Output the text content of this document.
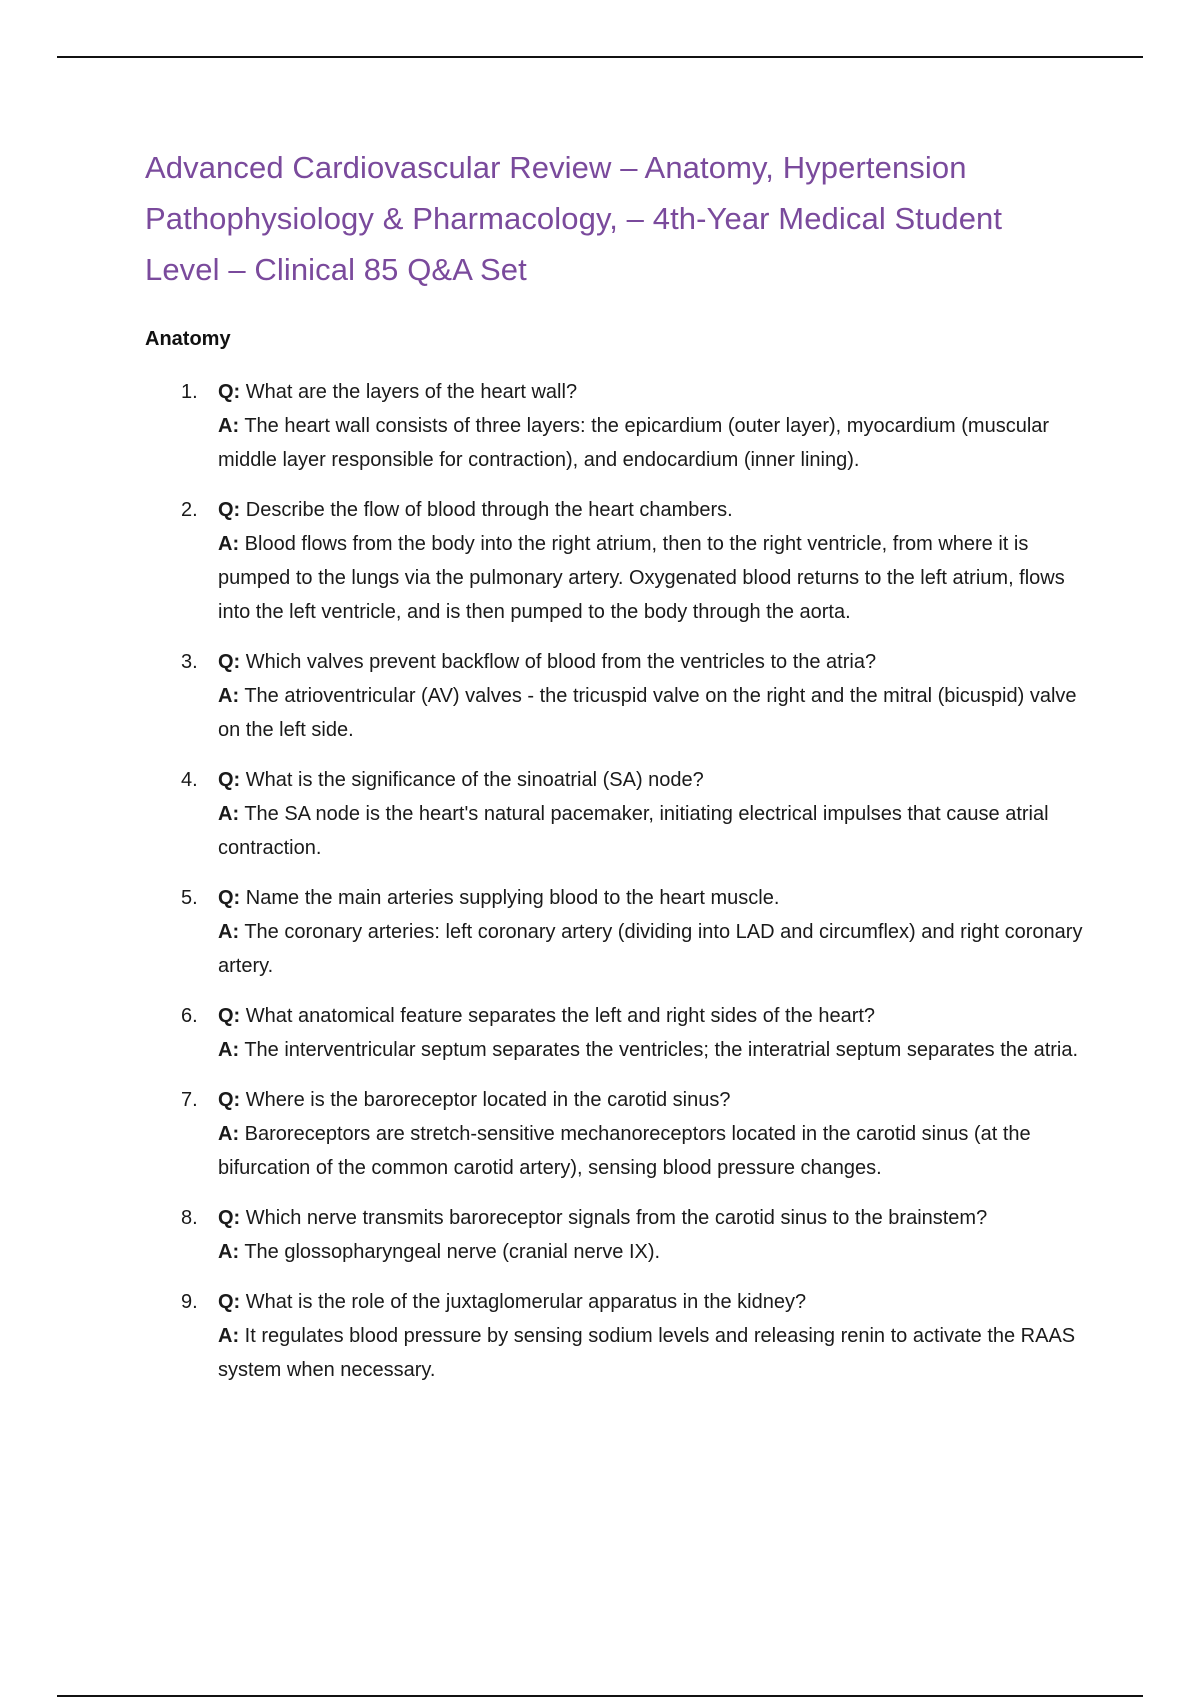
Advanced Cardiovascular Review – Anatomy, Hypertension Pathophysiology & Pharmacology, – 4th-Year Medical Student Level – Clinical 85 Q&A Set
Anatomy
1.	Q: What are the layers of the heart wall?
A: The heart wall consists of three layers: the epicardium (outer layer), myocardium (muscular middle layer responsible for contraction), and endocardium (inner lining).
2.	Q: Describe the flow of blood through the heart chambers.
A: Blood flows from the body into the right atrium, then to the right ventricle, from where it is pumped to the lungs via the pulmonary artery. Oxygenated blood returns to the left atrium, flows into the left ventricle, and is then pumped to the body through the aorta.
3.	Q: Which valves prevent backflow of blood from the ventricles to the atria?
A: The atrioventricular (AV) valves - the tricuspid valve on the right and the mitral (bicuspid) valve on the left side.
4.	Q: What is the significance of the sinoatrial (SA) node?
A: The SA node is the heart's natural pacemaker, initiating electrical impulses that cause atrial contraction.
5.	Q: Name the main arteries supplying blood to the heart muscle.
A: The coronary arteries: left coronary artery (dividing into LAD and circumflex) and right coronary artery.
6.	Q: What anatomical feature separates the left and right sides of the heart?
A: The interventricular septum separates the ventricles; the interatrial septum separates the atria.
7.	Q: Where is the baroreceptor located in the carotid sinus?
A: Baroreceptors are stretch-sensitive mechanoreceptors located in the carotid sinus (at the bifurcation of the common carotid artery), sensing blood pressure changes.
8.	Q: Which nerve transmits baroreceptor signals from the carotid sinus to the brainstem?
A: The glossopharyngeal nerve (cranial nerve IX).
9.	Q: What is the role of the juxtaglomerular apparatus in the kidney?
A: It regulates blood pressure by sensing sodium levels and releasing renin to activate the RAAS system when necessary.
